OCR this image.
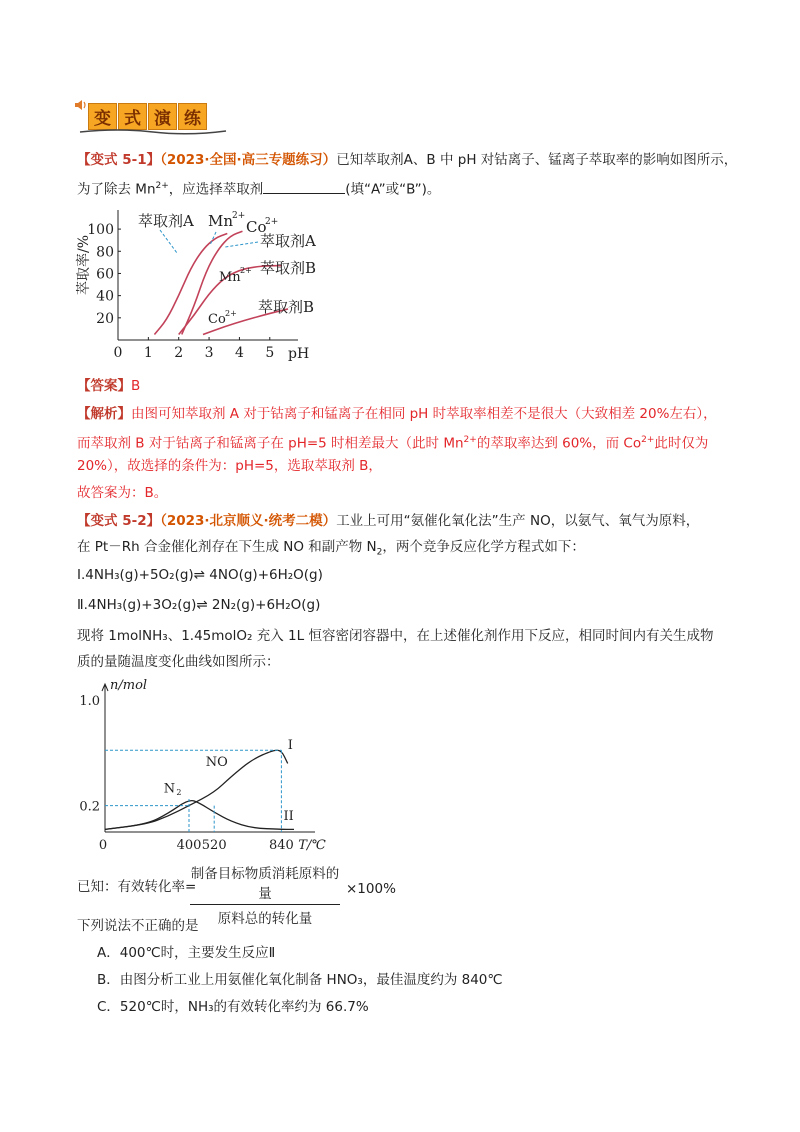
变 式 演 练
【变式 5-1】（2023·全国·高三专题练习）已知萃取剂A、B 中 pH 对钴离子、锰离子萃取率的影响如图所示，
为了除去 $Mn^{2+}$，应选择萃取剂	(填“A”或“B”)。
0 1 2 3 4 5
20
40
60
80
100
pH
萃取率/%
萃取剂A Mn
2+
Co
2+
萃取剂A
萃取剂B
Mn 2+
萃取剂B
Co 2+
【答案】B
【解析】由图可知萃取剂 A 对于钴离子和锰离子在相同 pH 时萃取率相差不是很大（大致相差 20%左右），
而萃取剂 B 对于钴离子和锰离子在 pH=5 时相差最大（此时 $Mn^{2+}$的萃取率达到 60%，而 $Co^{2+}$此时仅为
20%），故选择的条件为：pH=5，选取萃取剂 B，
故答案为：B。
【变式 5-2】（2023·北京顺义·统考二模）工业上可用“氨催化氧化法”生产 NO，以氨气、氧气为原料，
在 Pt－Rh 合金催化剂存在下生成 NO 和副产物 $N_2$，两个竞争反应化学方程式如下：
Ⅰ.4NH₃(g)+5O₂(g)⇌ 4NO(g)+6H₂O(g)
Ⅱ.4NH₃(g)+3O₂(g)⇌ 2N₂(g)+6H₂O(g)
现将 1molNH₃、1.45molO₂ 充入 1L 恒容密闭容器中，在上述催化剂作用下反应，相同时间内有关生成物
质的量随温度变化曲线如图所示：
n/mol
T/℃
0	400 520	840
0.2
1.0
NO
N 2
I
II
已知：有效转化率=
制备目标物质消耗原料的量
原料总的转化量
×100%
下列说法不正确的是
A．400℃时，主要发生反应Ⅱ
B．由图分析工业上用氨催化氧化制备 HNO₃，最佳温度约为 840℃
C．520℃时，NH₃的有效转化率约为 66.7%
